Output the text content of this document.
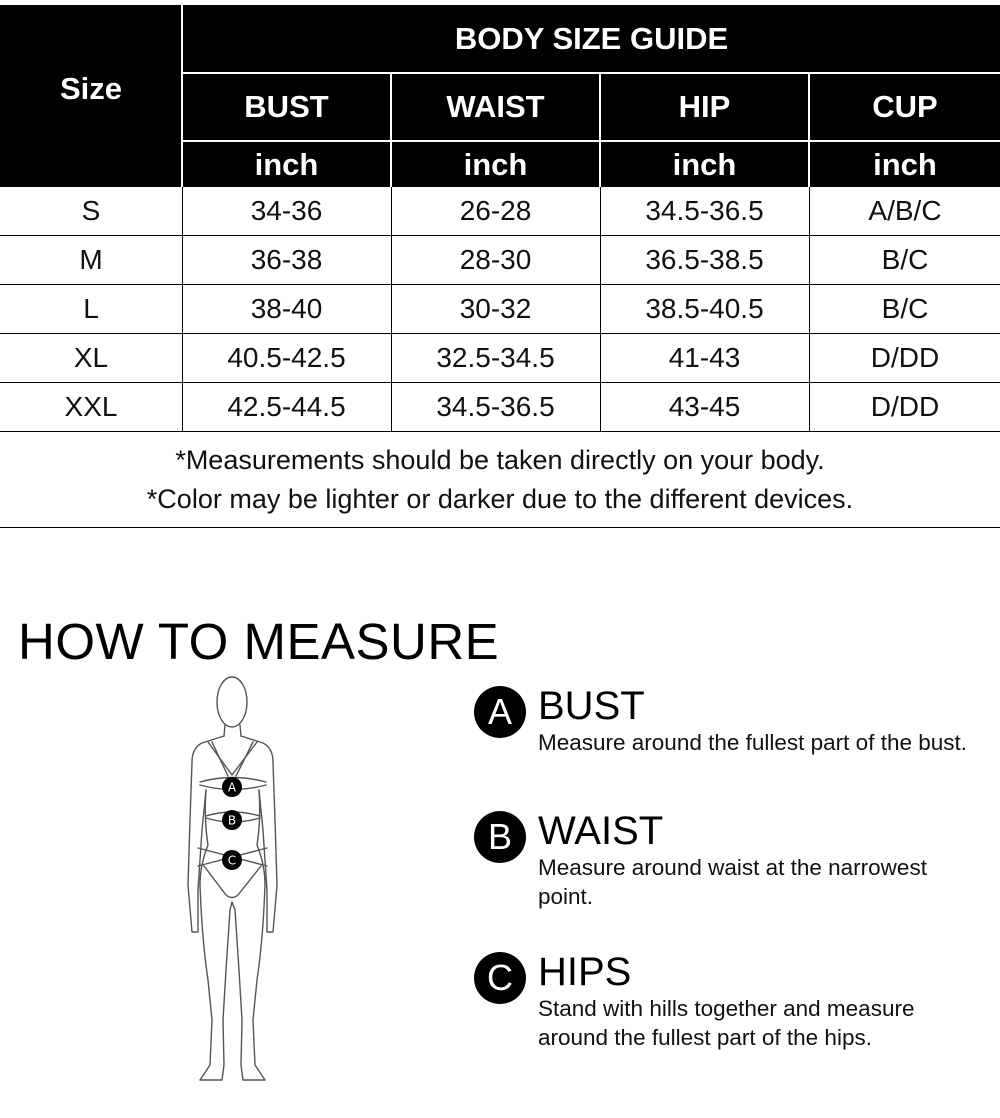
Size
BODY SIZE GUIDE
BUST	WAIST	HIP	CUP
inch	inch	inch	inch
S	34-36	26-28	34.5-36.5	A/B/C
M	36-38	28-30	36.5-38.5	B/C
L	38-40	30-32	38.5-40.5	B/C
XL	40.5-42.5	32.5-34.5	41-43	D/DD
XXL	42.5-44.5	34.5-36.5	43-45	D/DD
*Measurements should be taken directly on your body.
*Color may be lighter or darker due to the different devices.
HOW TO MEASURE
A
B
C
A BUST
Measure around the fullest part of the bust.
B WAIST
Measure around waist at the narrowest point.
C HIPS
Stand with hills together and measure around the fullest part of the hips.
